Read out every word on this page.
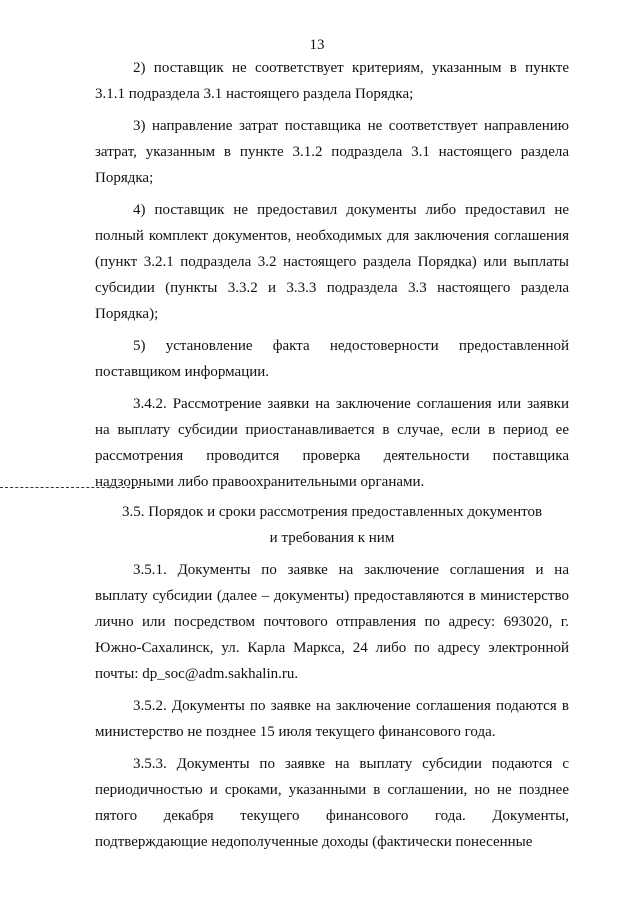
13

2) поставщик не соответствует критериям, указанным в пункте 3.1.1 подраздела 3.1 настоящего раздела Порядка;

3) направление затрат поставщика не соответствует направлению затрат, указанным в пункте 3.1.2 подраздела 3.1 настоящего раздела Порядка;

4) поставщик не предоставил документы либо предоставил не полный комплект документов, необходимых для заключения соглашения (пункт 3.2.1 подраздела 3.2 настоящего раздела Порядка) или выплаты субсидии (пункты 3.3.2 и 3.3.3 подраздела 3.3 настоящего раздела Порядка);

5) установление факта недостоверности предоставленной поставщиком информации.

3.4.2. Рассмотрение заявки на заключение соглашения или заявки на выплату субсидии приостанавливается в случае, если в период ее рассмотрения проводится проверка деятельности поставщика надзорными либо правоохранительными органами.

3.5. Порядок и сроки рассмотрения предоставленных документов
и требования к ним

3.5.1. Документы по заявке на заключение соглашения и на выплату субсидии (далее – документы) предоставляются в министерство лично или посредством почтового отправления по адресу: 693020, г. Южно-Сахалинск, ул. Карла Маркса, 24 либо по адресу электронной почты: dp_soc@adm.sakhalin.ru.

3.5.2. Документы по заявке на заключение соглашения подаются в министерство не позднее 15 июля текущего финансового года.

3.5.3. Документы по заявке на выплату субсидии подаются с периодичностью и сроками, указанными в соглашении, но не позднее пятого декабря текущего финансового года. Документы, подтверждающие недополученные доходы (фактически понесенные
